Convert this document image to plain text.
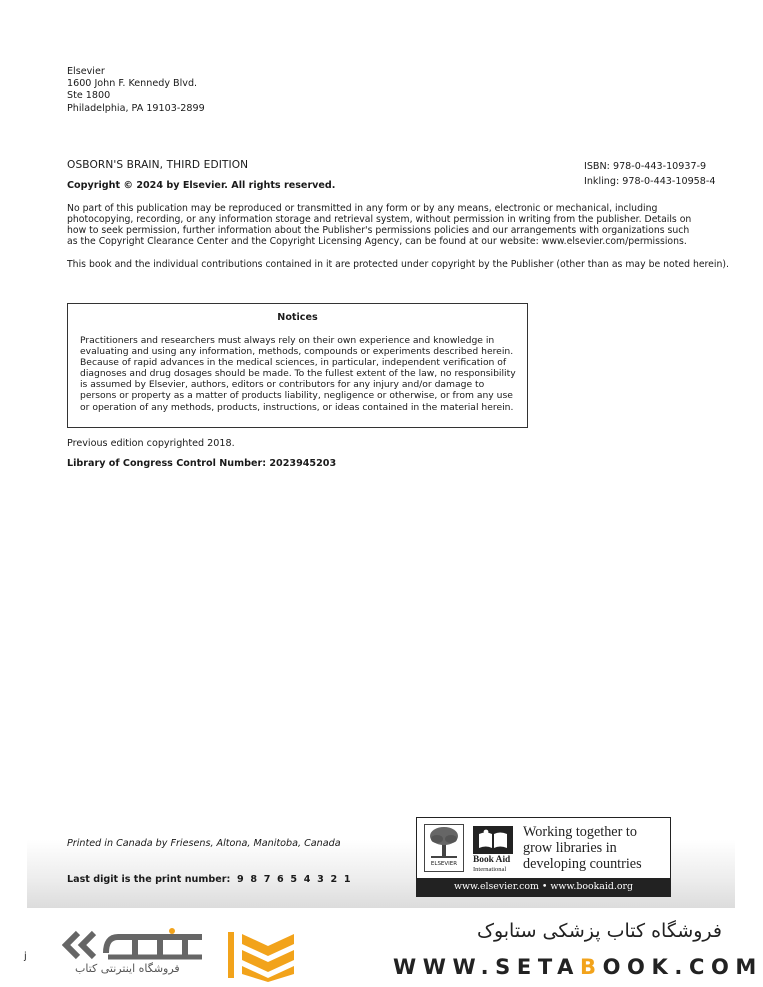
Elsevier
1600 John F. Kennedy Blvd.
Ste 1800
Philadelphia, PA 19103-2899
OSBORN'S BRAIN, THIRD EDITION	ISBN: 978-0-443-10937-9
Inkling: 978-0-443-10958-4
Copyright © 2024 by Elsevier. All rights reserved.
No part of this publication may be reproduced or transmitted in any form or by any means, electronic or mechanical, including photocopying, recording, or any information storage and retrieval system, without permission in writing from the publisher. Details on how to seek permission, further information about the Publisher's permissions policies and our arrangements with organizations such as the Copyright Clearance Center and the Copyright Licensing Agency, can be found at our website: www.elsevier.com/permissions.
This book and the individual contributions contained in it are protected under copyright by the Publisher (other than as may be noted herein).
Notices
Practitioners and researchers must always rely on their own experience and knowledge in evaluating and using any information, methods, compounds or experiments described herein. Because of rapid advances in the medical sciences, in particular, independent verification of diagnoses and drug dosages should be made. To the fullest extent of the law, no responsibility is assumed by Elsevier, authors, editors or contributors for any injury and/or damage to persons or property as a matter of products liability, negligence or otherwise, or from any use or operation of any methods, products, instructions, or ideas contained in the material herein.
Previous edition copyrighted 2018.
Library of Congress Control Number: 2023945203
Printed in Canada by Friesens, Altona, Manitoba, Canada
Last digit is the print number:  9  8  7  6  5  4  3  2  1
ELSEVIER	Book Aid
International
Working together to grow libraries in developing countries
www.elsevier.com • www.bookaid.org
j
فروشگاه اینترنتی کتاب
فروشگاه کتاب پزشکی ستابوک
WWW.SETABOOK.COM
